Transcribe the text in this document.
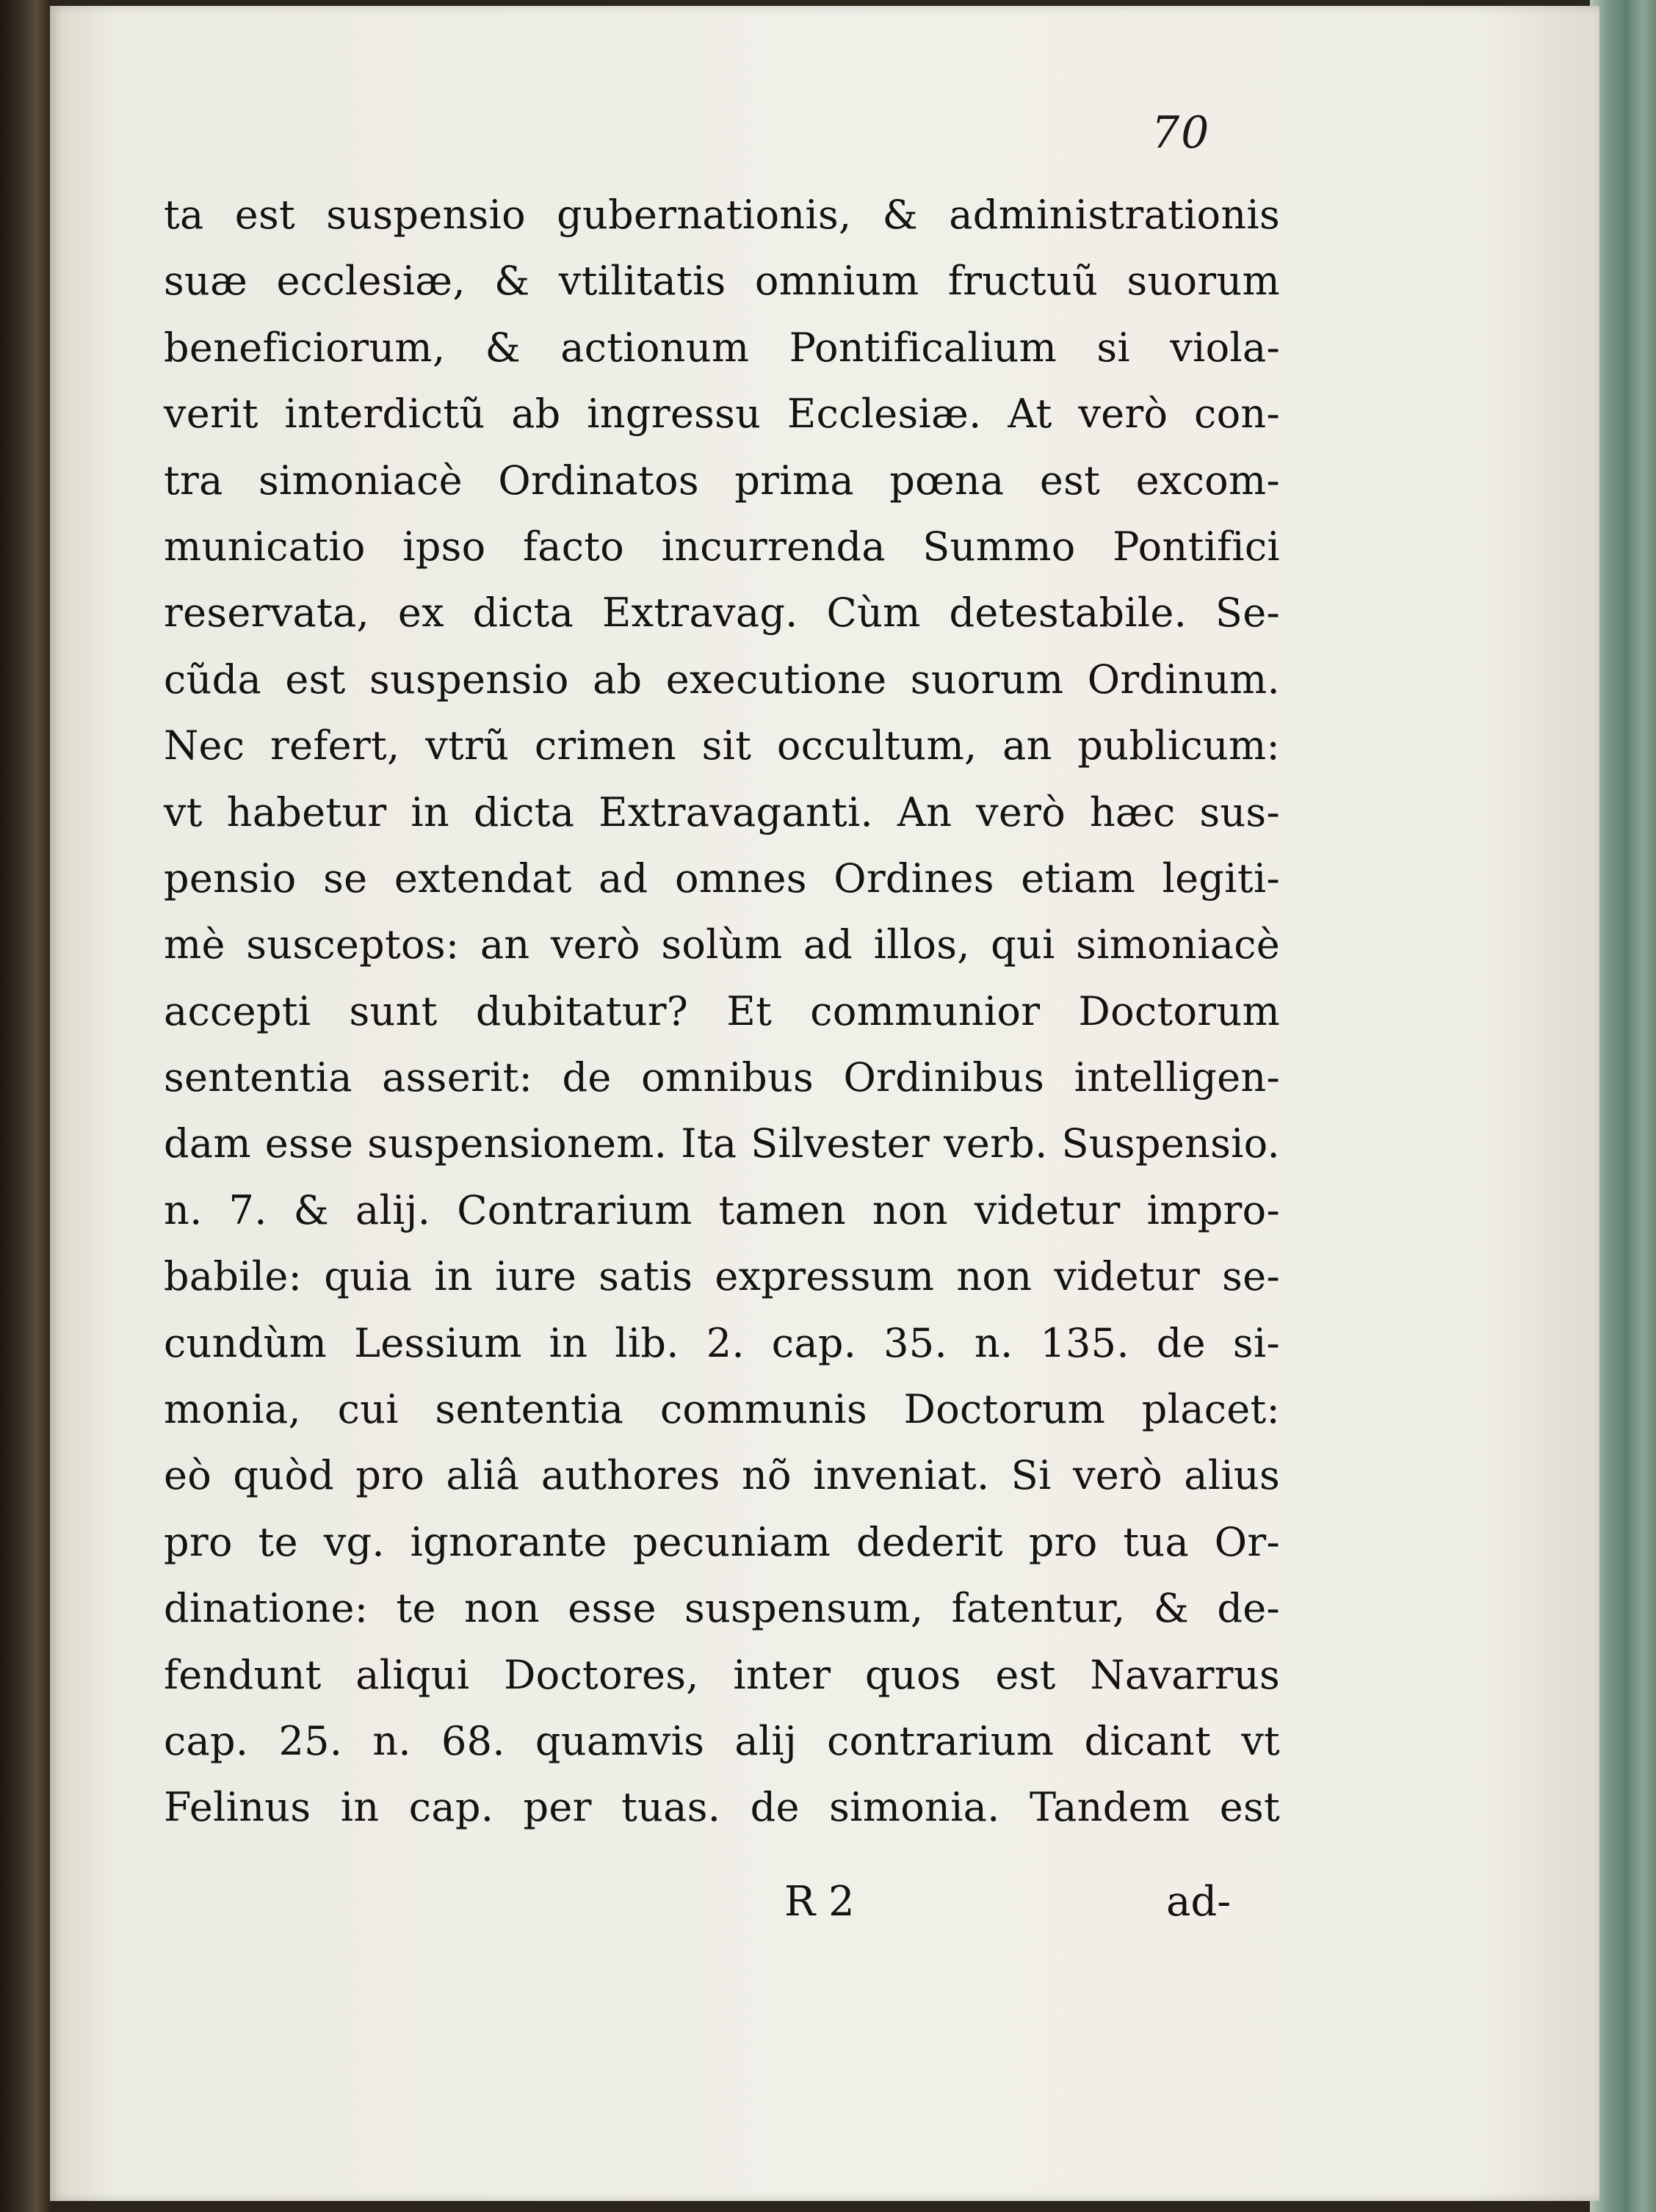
70
ta est suspensio gubernationis, & administrationis
suæ ecclesiæ, & vtilitatis omnium fructuũ suorum
beneficiorum, & actionum Pontificalium si viola-
verit interdictũ ab ingressu Ecclesiæ. At verò con-
tra simoniacè Ordinatos prima pœna est excom-
municatio ipso facto incurrenda Summo Pontifici
reservata, ex dicta Extravag. Cùm detestabile. Se-
cũda est suspensio ab executione suorum Ordinum.
Nec refert, vtrũ crimen sit occultum, an publicum:
vt habetur in dicta Extravaganti. An verò hæc sus-
pensio se extendat ad omnes Ordines etiam legiti-
mè susceptos: an verò solùm ad illos, qui simoniacè
accepti sunt dubitatur? Et communior Doctorum
sententia asserit: de omnibus Ordinibus intelligen-
dam esse suspensionem. Ita Silvester verb. Suspensio.
n. 7. & alij. Contrarium tamen non videtur impro-
babile: quia in iure satis expressum non videtur se-
cundùm Lessium in lib. 2. cap. 35. n. 135. de si-
monia, cui sententia communis Doctorum placet:
eò quòd pro aliâ authores nõ inveniat. Si verò alius
pro te vg. ignorante pecuniam dederit pro tua Or-
dinatione: te non esse suspensum, fatentur, & de-
fendunt aliqui Doctores, inter quos est Navarrus
cap. 25. n. 68. quamvis alij contrarium dicant vt
Felinus in cap. per tuas. de simonia. Tandem est
R 2	ad-
